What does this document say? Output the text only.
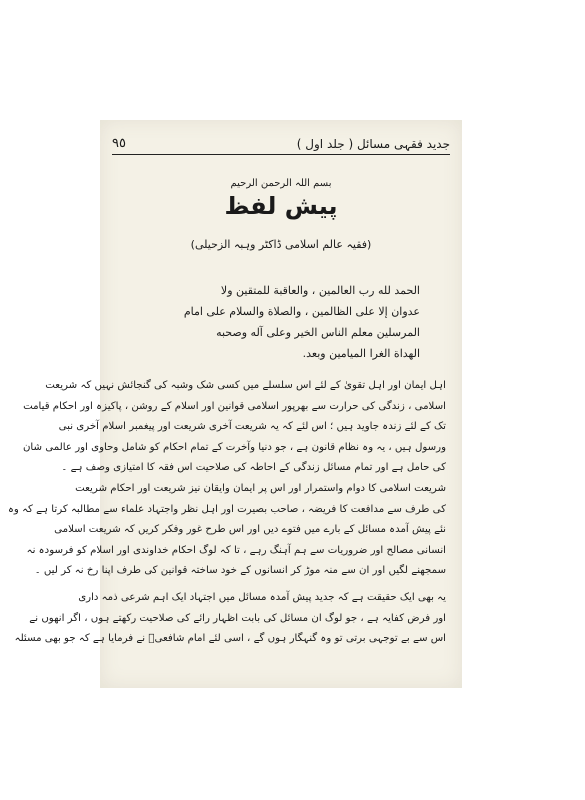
٩٥	جدید فقہی مسائل ( جلد اول )
بسم اللہ الرحمن الرحیم
پیش لفظ
(فقیہ عالم اسلامی ڈاکٹر وہبہ الزحیلی)
الحمد لله رب العالمين ، والعاقبة للمتقين ولا
عدوان إلا على الظالمين ، والصلاة والسلام على امام
المرسلين معلم الناس الخير وعلى آله وصحبه
الهداة الغرا الميامين وبعد.
اہل ایمان اور اہل تقویٰ کے لئے اس سلسلے میں کسی شک وشبہ کی گنجائش نہیں کہ شریعت
اسلامی ، زندگی کی حرارت سے بھرپور اسلامی قوانین اور اسلام کے روشن ، پاکیزہ اور احکام قیامت
تک کے لئے زندہ جاوید ہیں ؛ اس لئے کہ یہ شریعت آخری شریعت اور پیغمبر اسلام آخری نبی
ورسول ہیں ، یہ وہ نظام قانون ہے ، جو دنیا وآخرت کے تمام احکام کو شامل وحاوی اور عالمی شان
کی حامل ہے اور تمام مسائل زندگی کے احاطہ کی صلاحیت اس فقہ کا امتیازی وصف ہے ۔
شریعت اسلامی کا دوام واستمرار اور اس پر ایمان وایقان نیز شریعت اور احکام شریعت
کی طرف سے مدافعت کا فریضہ ، صاحب بصیرت اور اہل نظر واجتہاد علماء سے مطالبہ کرتا ہے کہ وہ
نئے پیش آمدہ مسائل کے بارے میں فتوے دیں اور اس طرح غور وفکر کریں کہ شریعت اسلامی
انسانی مصالح اور ضروریات سے ہم آہنگ رہے ، تا کہ لوگ احکام خداوندی اور اسلام کو فرسودہ نہ
سمجھنے لگیں اور ان سے منہ موڑ کر انسانوں کے خود ساختہ قوانین کی طرف اپنا رخ نہ کر لیں ۔
یہ بھی ایک حقیقت ہے کہ جدید پیش آمدہ مسائل میں اجتہاد ایک اہم شرعی ذمہ داری
اور فرض کفایہ ہے ، جو لوگ ان مسائل کی بابت اظہار رائے کی صلاحیت رکھتے ہوں ، اگر انھوں نے
اس سے بے توجہی برتی تو وہ گنہگار ہوں گے ، اسی لئے امام شافعیؒ نے فرمایا ہے کہ جو بھی مسئلہ
